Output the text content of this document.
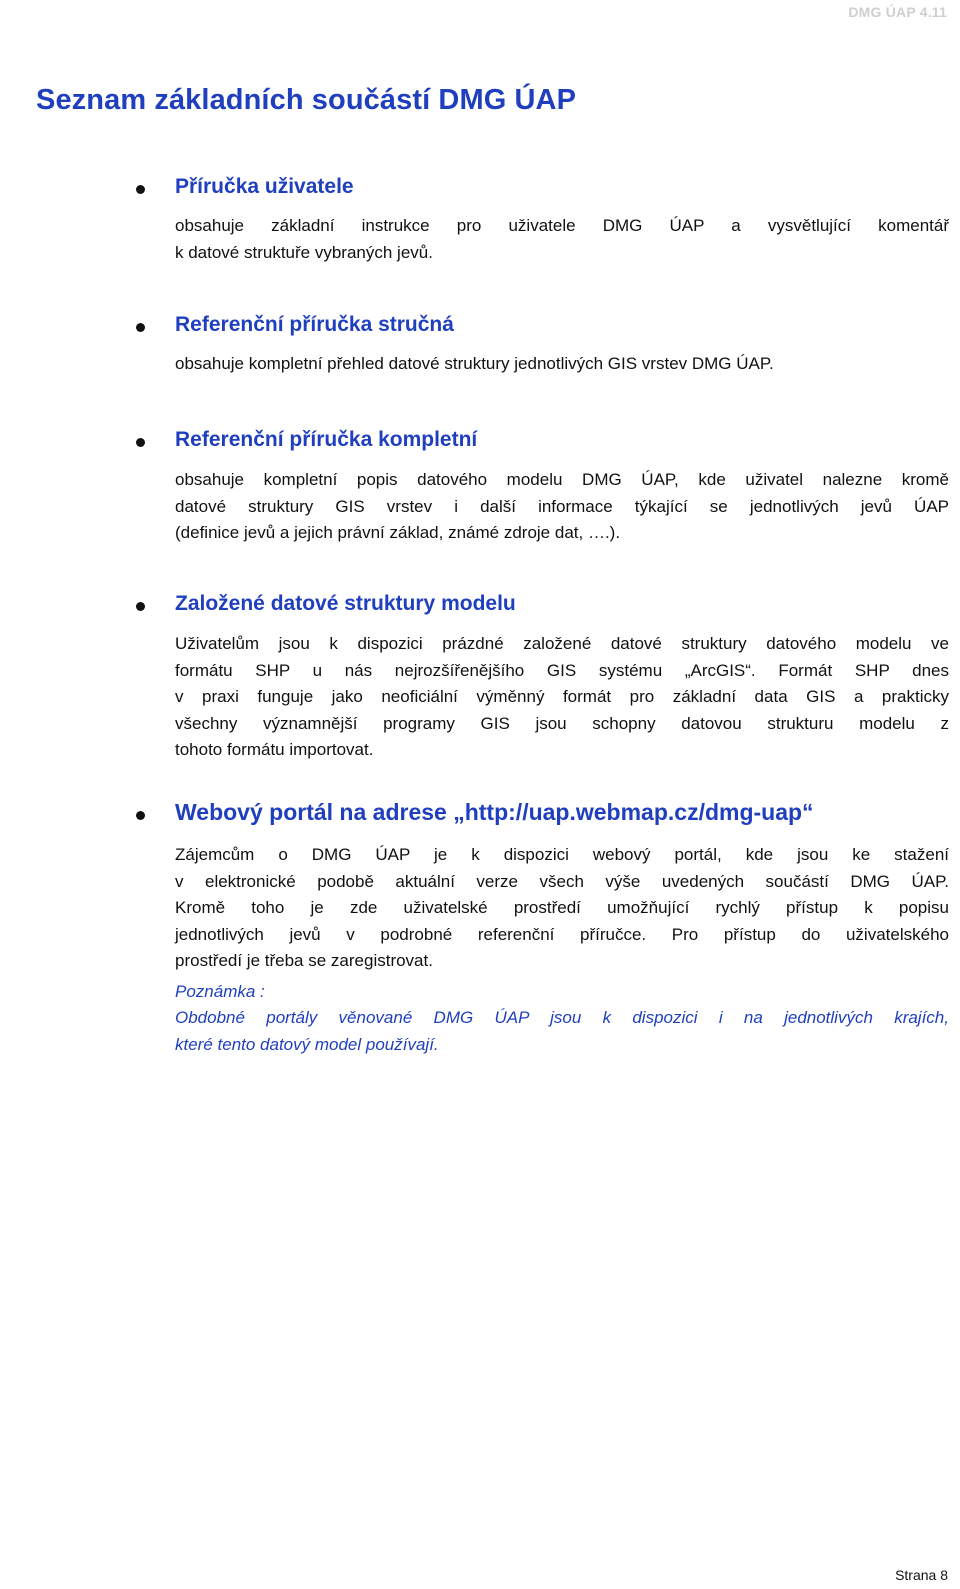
DMG ÚAP 4.11
Seznam základních součástí DMG ÚAP
Příručka uživatele
obsahuje základní instrukce pro uživatele DMG ÚAP a vysvětlující komentář
k datové struktuře vybraných jevů.
Referenční příručka stručná
obsahuje kompletní přehled datové struktury jednotlivých GIS vrstev DMG ÚAP.
Referenční příručka kompletní
obsahuje kompletní popis datového modelu DMG ÚAP, kde uživatel nalezne kromě
datové struktury GIS vrstev i další informace týkající se jednotlivých jevů ÚAP
(definice jevů a jejich právní základ, známé zdroje dat, ….).
Založené datové struktury modelu
Uživatelům jsou k dispozici prázdné založené datové struktury datového modelu ve
formátu SHP u nás nejrozšířenějšího GIS systému „ArcGIS“. Formát SHP dnes
v praxi funguje jako neoficiální výměnný formát pro základní data GIS a prakticky
všechny významnější programy GIS jsou schopny datovou strukturu modelu z
tohoto formátu importovat.
Webový portál na adrese „http://uap.webmap.cz/dmg-uap“
Zájemcům o DMG ÚAP je k dispozici webový portál, kde jsou ke stažení
v elektronické podobě aktuální verze všech výše uvedených součástí DMG ÚAP.
Kromě toho je zde uživatelské prostředí umožňující rychlý přístup k popisu
jednotlivých jevů v podrobné referenční příručce. Pro přístup do uživatelského
prostředí je třeba se zaregistrovat.

Poznámka :

Obdobné portály věnované DMG ÚAP jsou k dispozici i na jednotlivých krajích,
které tento datový model používají.
Strana 8
